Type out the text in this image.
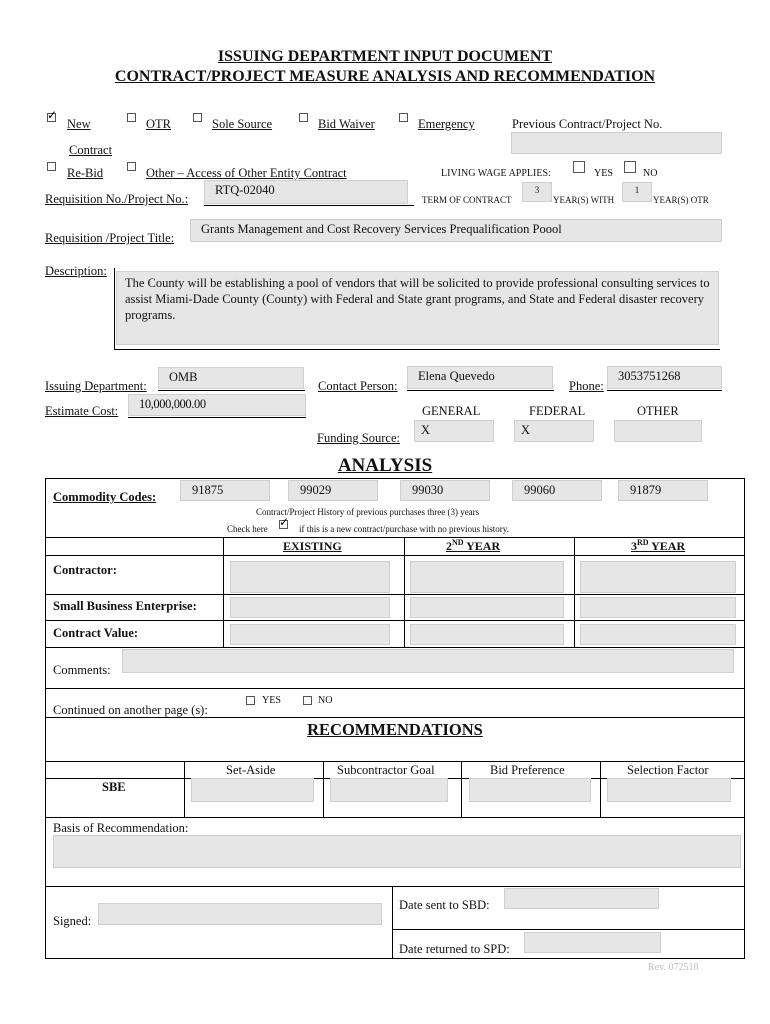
ISSUING DEPARTMENT INPUT DOCUMENT
CONTRACT/PROJECT MEASURE ANALYSIS AND RECOMMENDATION
✓
New
Contract
OTR	Sole Source	Bid Waiver	Emergency	Previous Contract/Project No.
Re-Bid	Other – Access of Other Entity Contract	LIVING WAGE APPLIES:	YES	NO
Requisition No./Project No.:
RTQ-02040
TERM OF CONTRACT
3
YEAR(S) WITH
1
YEAR(S) OTR
Requisition /Project Title:
Grants Management and Cost Recovery Services Prequalification Poool
Description:
The County will be establishing a pool of vendors that will be solicited to provide professional consulting services to assist Miami-Dade County (County) with Federal and State grant programs, and State and Federal disaster recovery programs.
Issuing Department:
OMB
Contact Person:
Elena Quevedo
Phone:
3053751268
Estimate Cost:	10,000,000.00	GENERAL	FEDERAL	OTHER
Funding Source:
X	X
ANALYSIS
Commodity Codes:	91875	99029	99030	99060	91879
Contract/Project History of previous purchases three (3) years
Check here
✓	if this is a new contract/purchase with no previous history.
EXISTING	2ND YEAR	3RD YEAR
Contractor:
Small Business Enterprise:
Contract Value:
Comments:
Continued on another page (s):
YES	NO
RECOMMENDATIONS
Set-Aside	Subcontractor Goal	Bid Preference	Selection Factor
SBE
Basis of Recommendation:
Signed:
Date sent to SBD:
Date returned to SPD:
Rev. 072518
